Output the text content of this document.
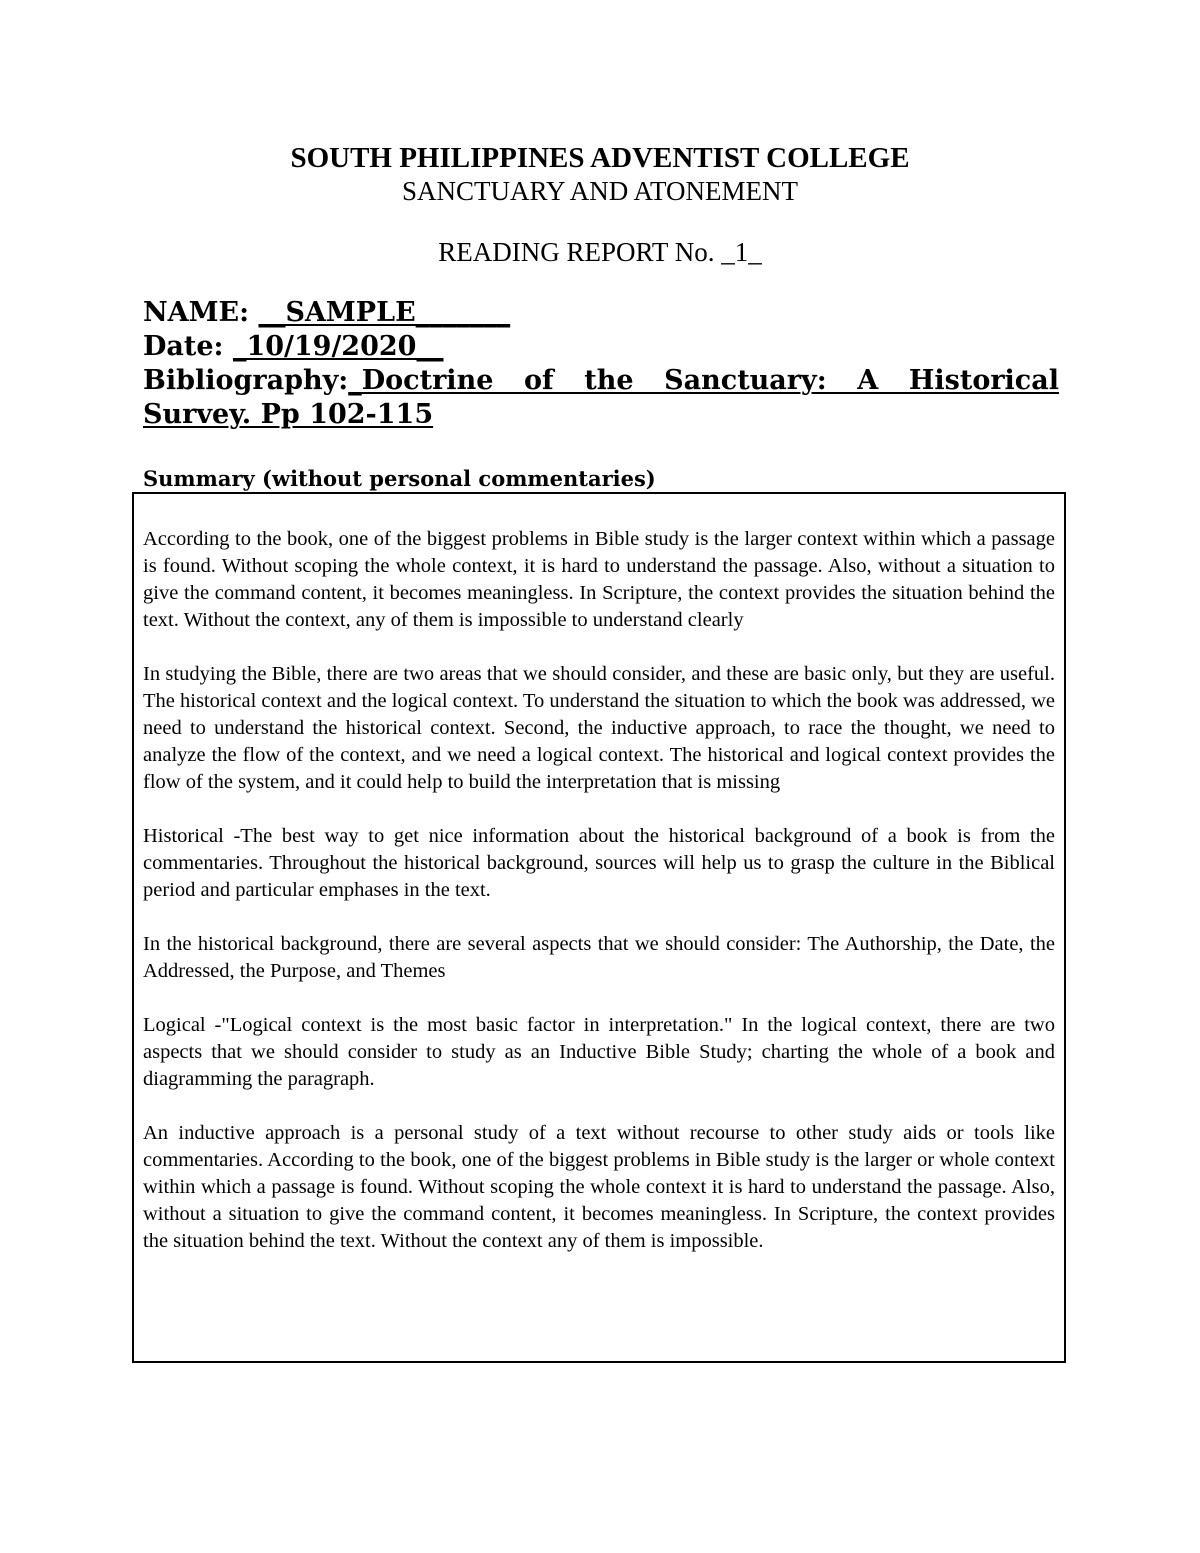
SOUTH PHILIPPINES ADVENTIST COLLEGE
SANCTUARY AND ATONEMENT
READING REPORT No. _1_
NAME: __SAMPLE_______
Date: _10/19/2020__
Bibliography:_Doctrine of the Sanctuary: A Historical
Survey. Pp 102-115
Summary (without personal commentaries)

According to the book, one of the biggest problems in Bible study is the larger context within which a passage is found. Without scoping the whole context, it is hard to understand the passage. Also, without a situation to give the command content, it becomes meaningless. In Scripture, the context provides the situation behind the text. Without the context, any of them is impossible to understand clearly

In studying the Bible, there are two areas that we should consider, and these are basic only, but they are useful. The historical context and the logical context. To understand the situation to which the book was addressed, we need to understand the historical context. Second, the inductive approach, to race the thought, we need to analyze the flow of the context, and we need a logical context. The historical and logical context provides the flow of the system, and it could help to build the interpretation that is missing

Historical -The best way to get nice information about the historical background of a book is from the commentaries. Throughout the historical background, sources will help us to grasp the culture in the Biblical period and particular emphases in the text.

In the historical background, there are several aspects that we should consider: The Authorship, the Date, the Addressed, the Purpose, and Themes

Logical -"Logical context is the most basic factor in interpretation." In the logical context, there are two aspects that we should consider to study as an Inductive Bible Study; charting the whole of a book and diagramming the paragraph.

An inductive approach is a personal study of a text without recourse to other study aids or tools like commentaries. According to the book, one of the biggest problems in Bible study is the larger or whole context within which a passage is found. Without scoping the whole context it is hard to understand the passage. Also, without a situation to give the command content, it becomes meaningless. In Scripture, the context provides the situation behind the text. Without the context any of them is impossible.
